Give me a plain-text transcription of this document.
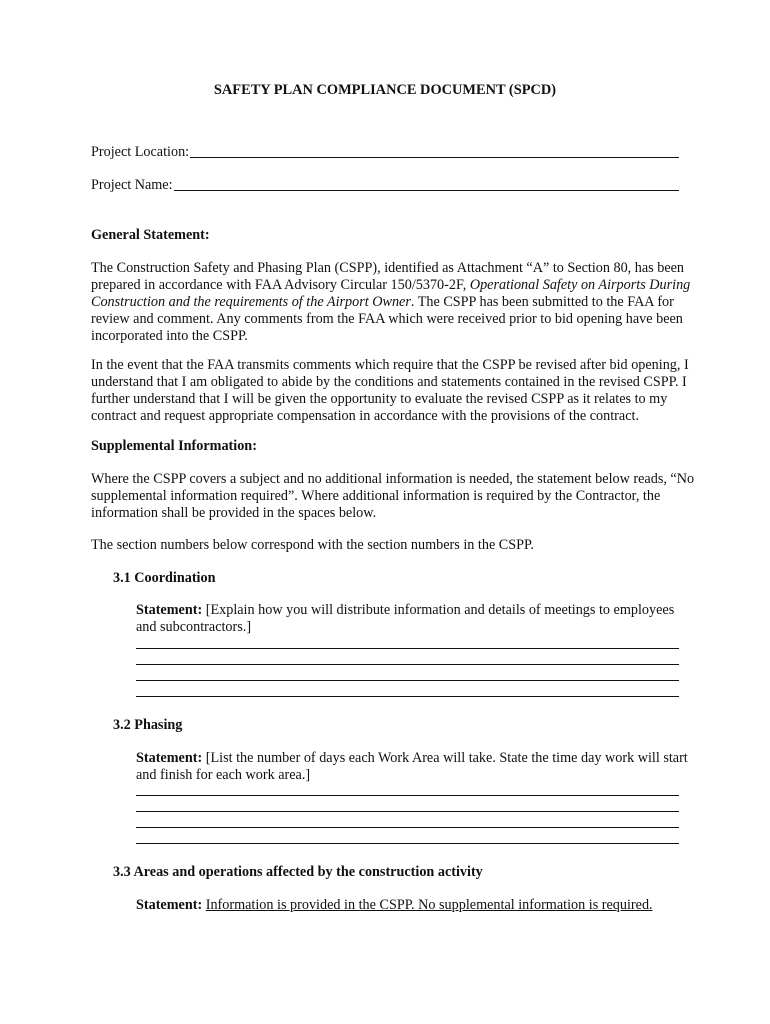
SAFETY PLAN COMPLIANCE DOCUMENT (SPCD)
Project Location:
Project Name:
General Statement:

The Construction Safety and Phasing Plan (CSPP), identified as Attachment “A” to Section 80, has been

prepared in accordance with FAA Advisory Circular 150/5370-2F, Operational Safety on Airports During

Construction and the requirements of the Airport Owner. The CSPP has been submitted to the FAA for

review and comment. Any comments from the FAA which were received prior to bid opening have been

incorporated into the CSPP.

In the event that the FAA transmits comments which require that the CSPP be revised after bid opening, I

understand that I am obligated to abide by the conditions and statements contained in the revised CSPP. I

further understand that I will be given the opportunity to evaluate the revised CSPP as it relates to my

contract and request appropriate compensation in accordance with the provisions of the contract.

Supplemental Information:

Where the CSPP covers a subject and no additional information is needed, the statement below reads, “No

supplemental information required”. Where additional information is required by the Contractor, the

information shall be provided in the spaces below.

The section numbers below correspond with the section numbers in the CSPP.

3.1 Coordination

Statement: [Explain how you will distribute information and details of meetings to employees

and subcontractors.]

3.2 Phasing

Statement: [List the number of days each Work Area will take. State the time day work will start

and finish for each work area.]

3.3 Areas and operations affected by the construction activity

Statement: Information is provided in the CSPP. No supplemental information is required.
